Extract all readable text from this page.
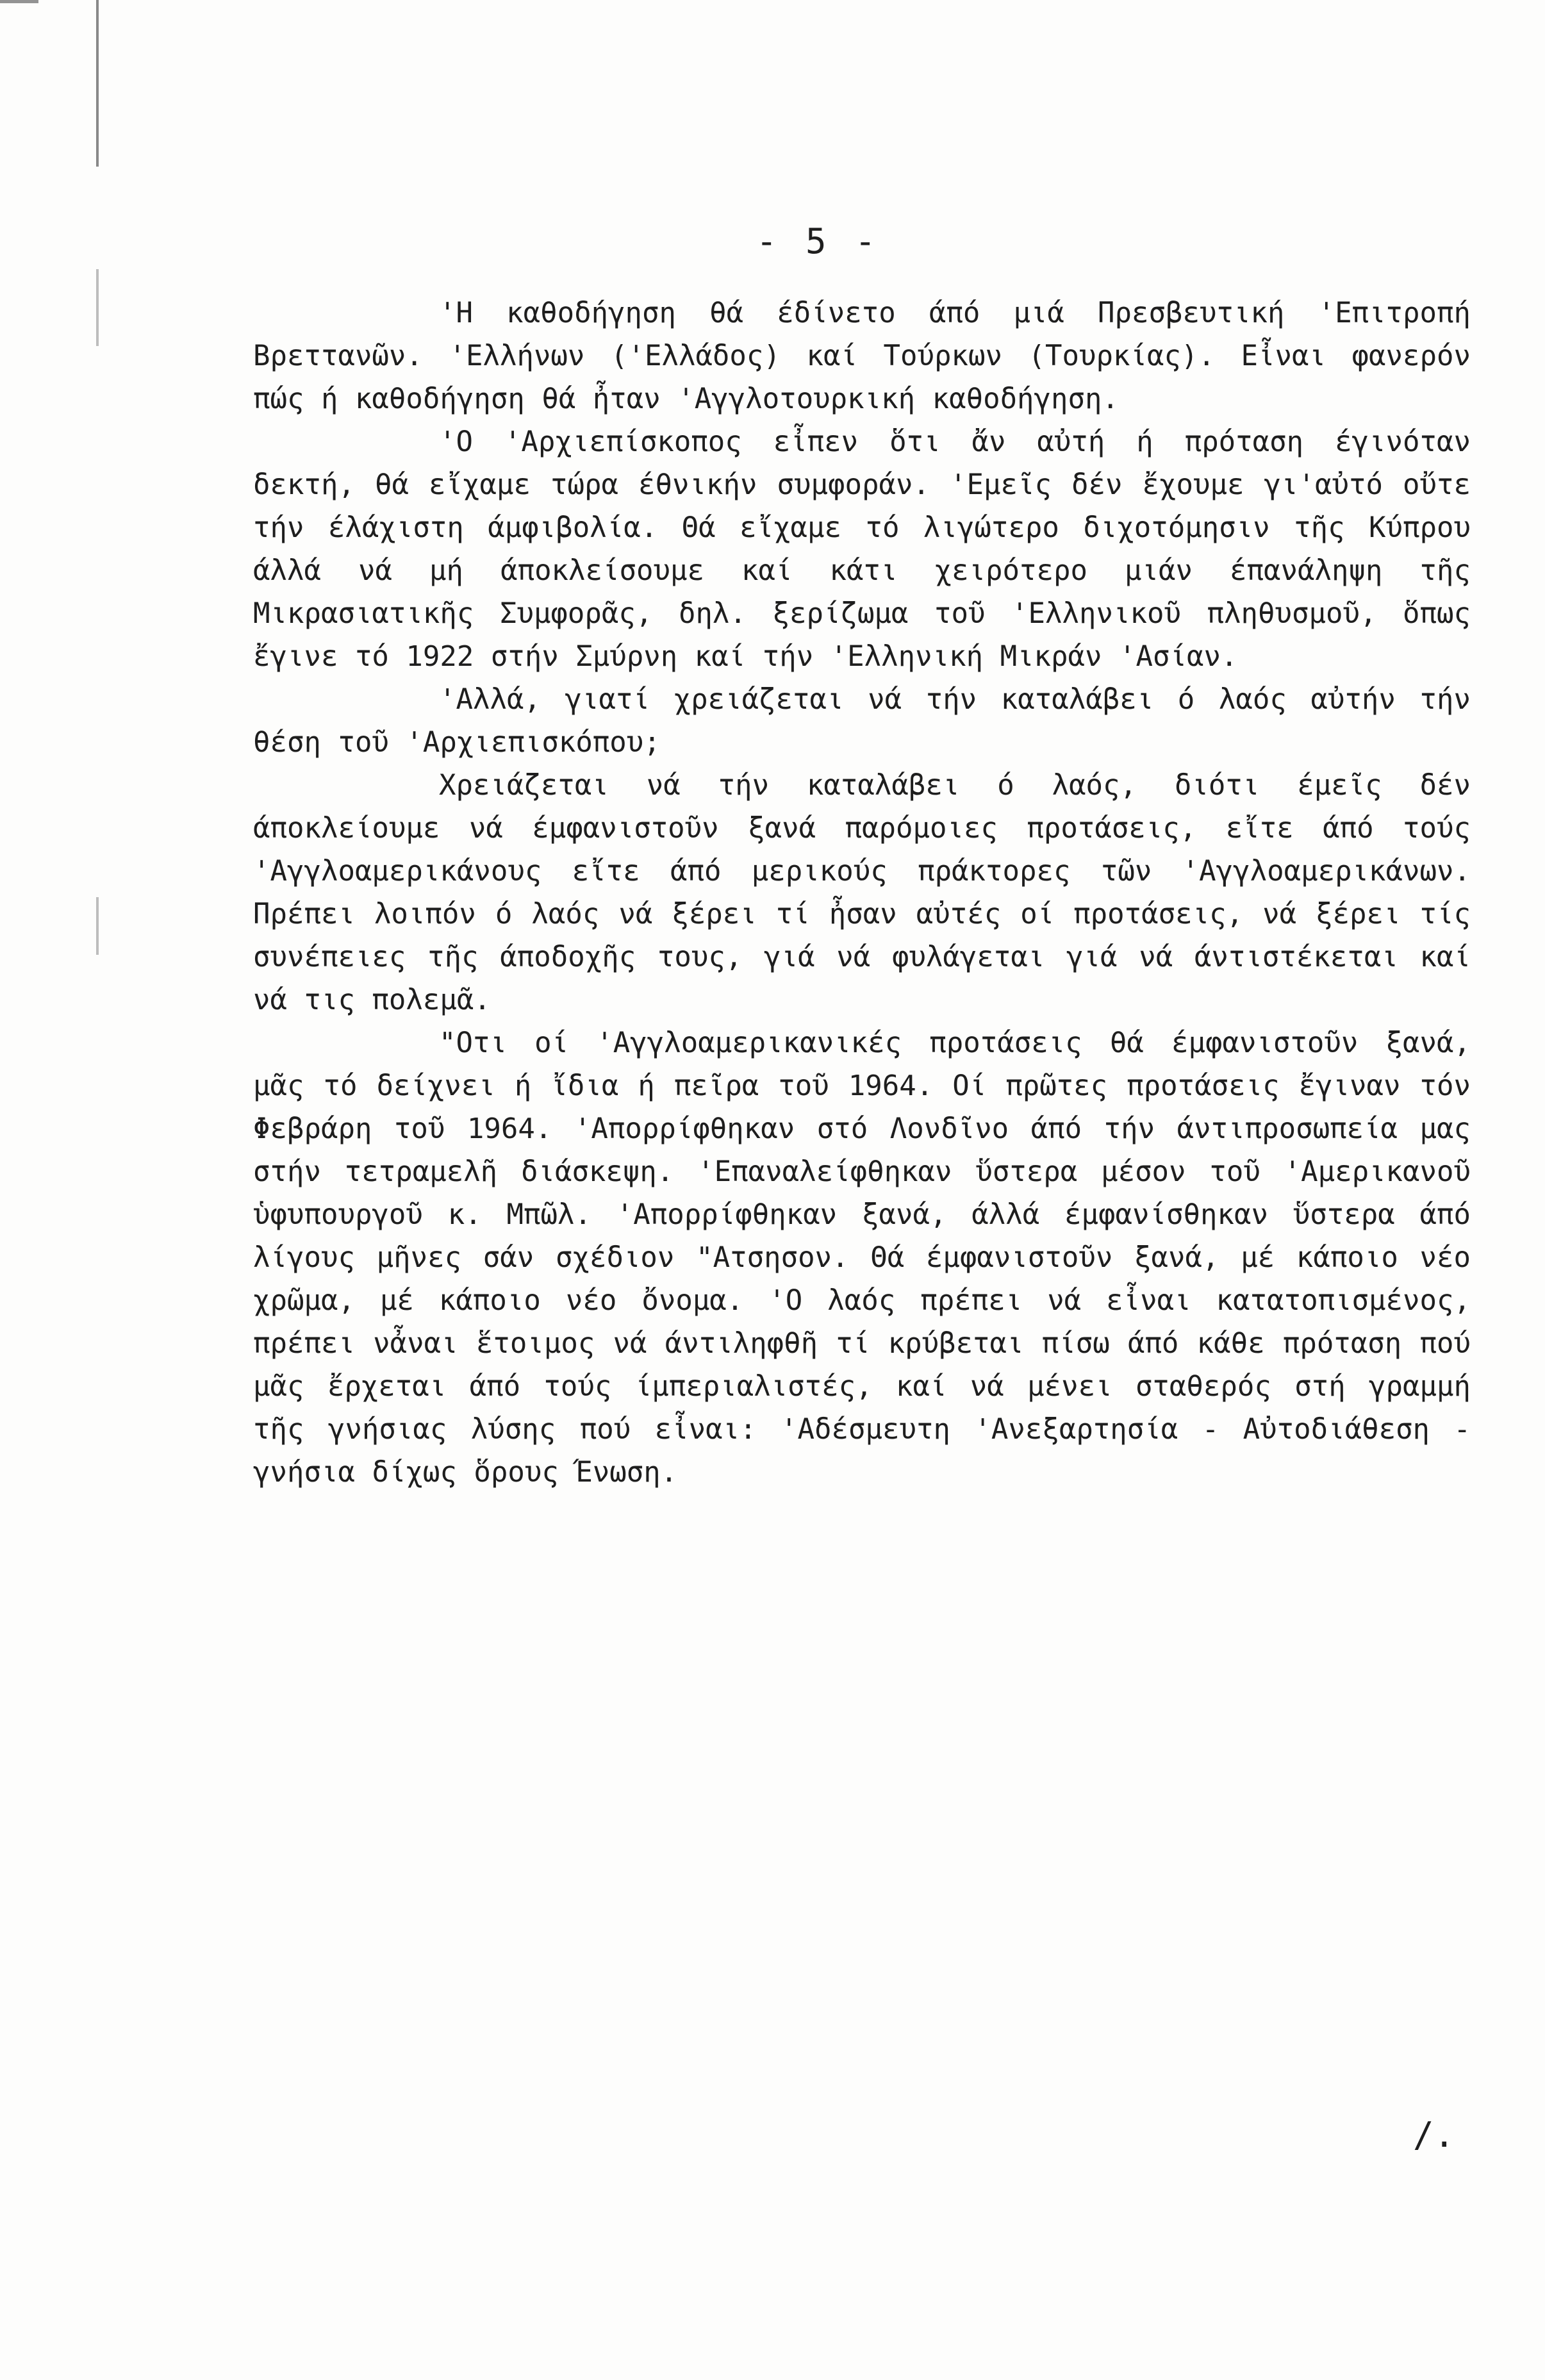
- 5 -

'Η καθοδήγηση θά έδίνετο άπό μιά Πρεσβευτική 'Επιτροπή Βρεττανῶν. 'Ελλήνων ('Ελλάδος) καί Τούρκων (Τουρκίας). Εἶναι φανερόν πώς ή καθοδήγηση θά ἦταν 'Αγγλοτουρκική καθοδήγηση.

'Ο 'Αρχιεπίσκοπος εἶπεν ὅτι ἄν αὐτή ή πρόταση έγινόταν δεκτή, θά εἴχαμε τώρα έθνικήν συμφοράν. 'Εμεῖς δέν ἔχουμε γι'αὐτό οὔτε τήν έλάχιστη άμφιβολία. Θά εἴχαμε τό λιγώτερο διχοτόμησιν τῆς Κύπρου άλλά νά μή άποκλείσουμε καί κάτι χειρότερο μιάν έπανάληψη τῆς Μικρασιατικῆς Συμφορᾶς, δηλ. ξερίζωμα τοῦ 'Ελληνικοῦ πληθυσμοῦ, ὅπως ἔγινε τό 1922 στήν Σμύρνη καί τήν 'Ελληνική Μικράν 'Ασίαν.

'Αλλά, γιατί χρειάζεται νά τήν καταλάβει ό λαός αὐτήν τήν θέση τοῦ 'Αρχιεπισκόπου;

Χρειάζεται νά τήν καταλάβει ό λαός, διότι έμεῖς δέν άποκλείουμε νά έμφανιστοῦν ξανά παρόμοιες προτάσεις, εἴτε άπό τούς 'Αγγλοαμερικάνους εἴτε άπό μερικούς πράκτορες τῶν 'Αγγλοαμερικάνων. Πρέπει λοιπόν ό λαός νά ξέρει τί ἦσαν αὐτές οί προτάσεις, νά ξέρει τίς συνέπειες τῆς άποδοχῆς τους, γιά νά φυλάγεται γιά νά άντιστέκεται καί νά τις πολεμᾶ.

"Οτι οί 'Αγγλοαμερικανικές προτάσεις θά έμφανιστοῦν ξανά, μᾶς τό δείχνει ή ἴδια ή πεῖρα τοῦ 1964. Οί πρῶτες προτάσεις ἔγιναν τόν Φεβράρη τοῦ 1964. 'Απορρίφθηκαν στό Λονδῖνο άπό τήν άντιπροσωπεία μας στήν τετραμελῆ διάσκεψη. 'Επαναλείφθηκαν ὕστερα μέσον τοῦ 'Αμερικανοῦ ὑφυπουργοῦ κ. Μπῶλ. 'Απορρίφθηκαν ξανά, άλλά έμφανίσθηκαν ὕστερα άπό λίγους μῆνες σάν σχέδιον "Ατσησον. Θά έμφανιστοῦν ξανά, μέ κάποιο νέο χρῶμα, μέ κάποιο νέο ὄνομα. 'Ο λαός πρέπει νά εἶναι κατατοπισμένος, πρέπει νἆναι ἕτοιμος νά άντιληφθῆ τί κρύβεται πίσω άπό κάθε πρόταση πού μᾶς ἔρχεται άπό τούς ίμπεριαλιστές, καί νά μένει σταθερός στή γραμμή τῆς γνήσιας λύσης πού εἶναι: 'Αδέσμευτη 'Ανεξαρτησία - Αὐτοδιάθεση - γνήσια δίχως ὅρους Ένωση.

/.
